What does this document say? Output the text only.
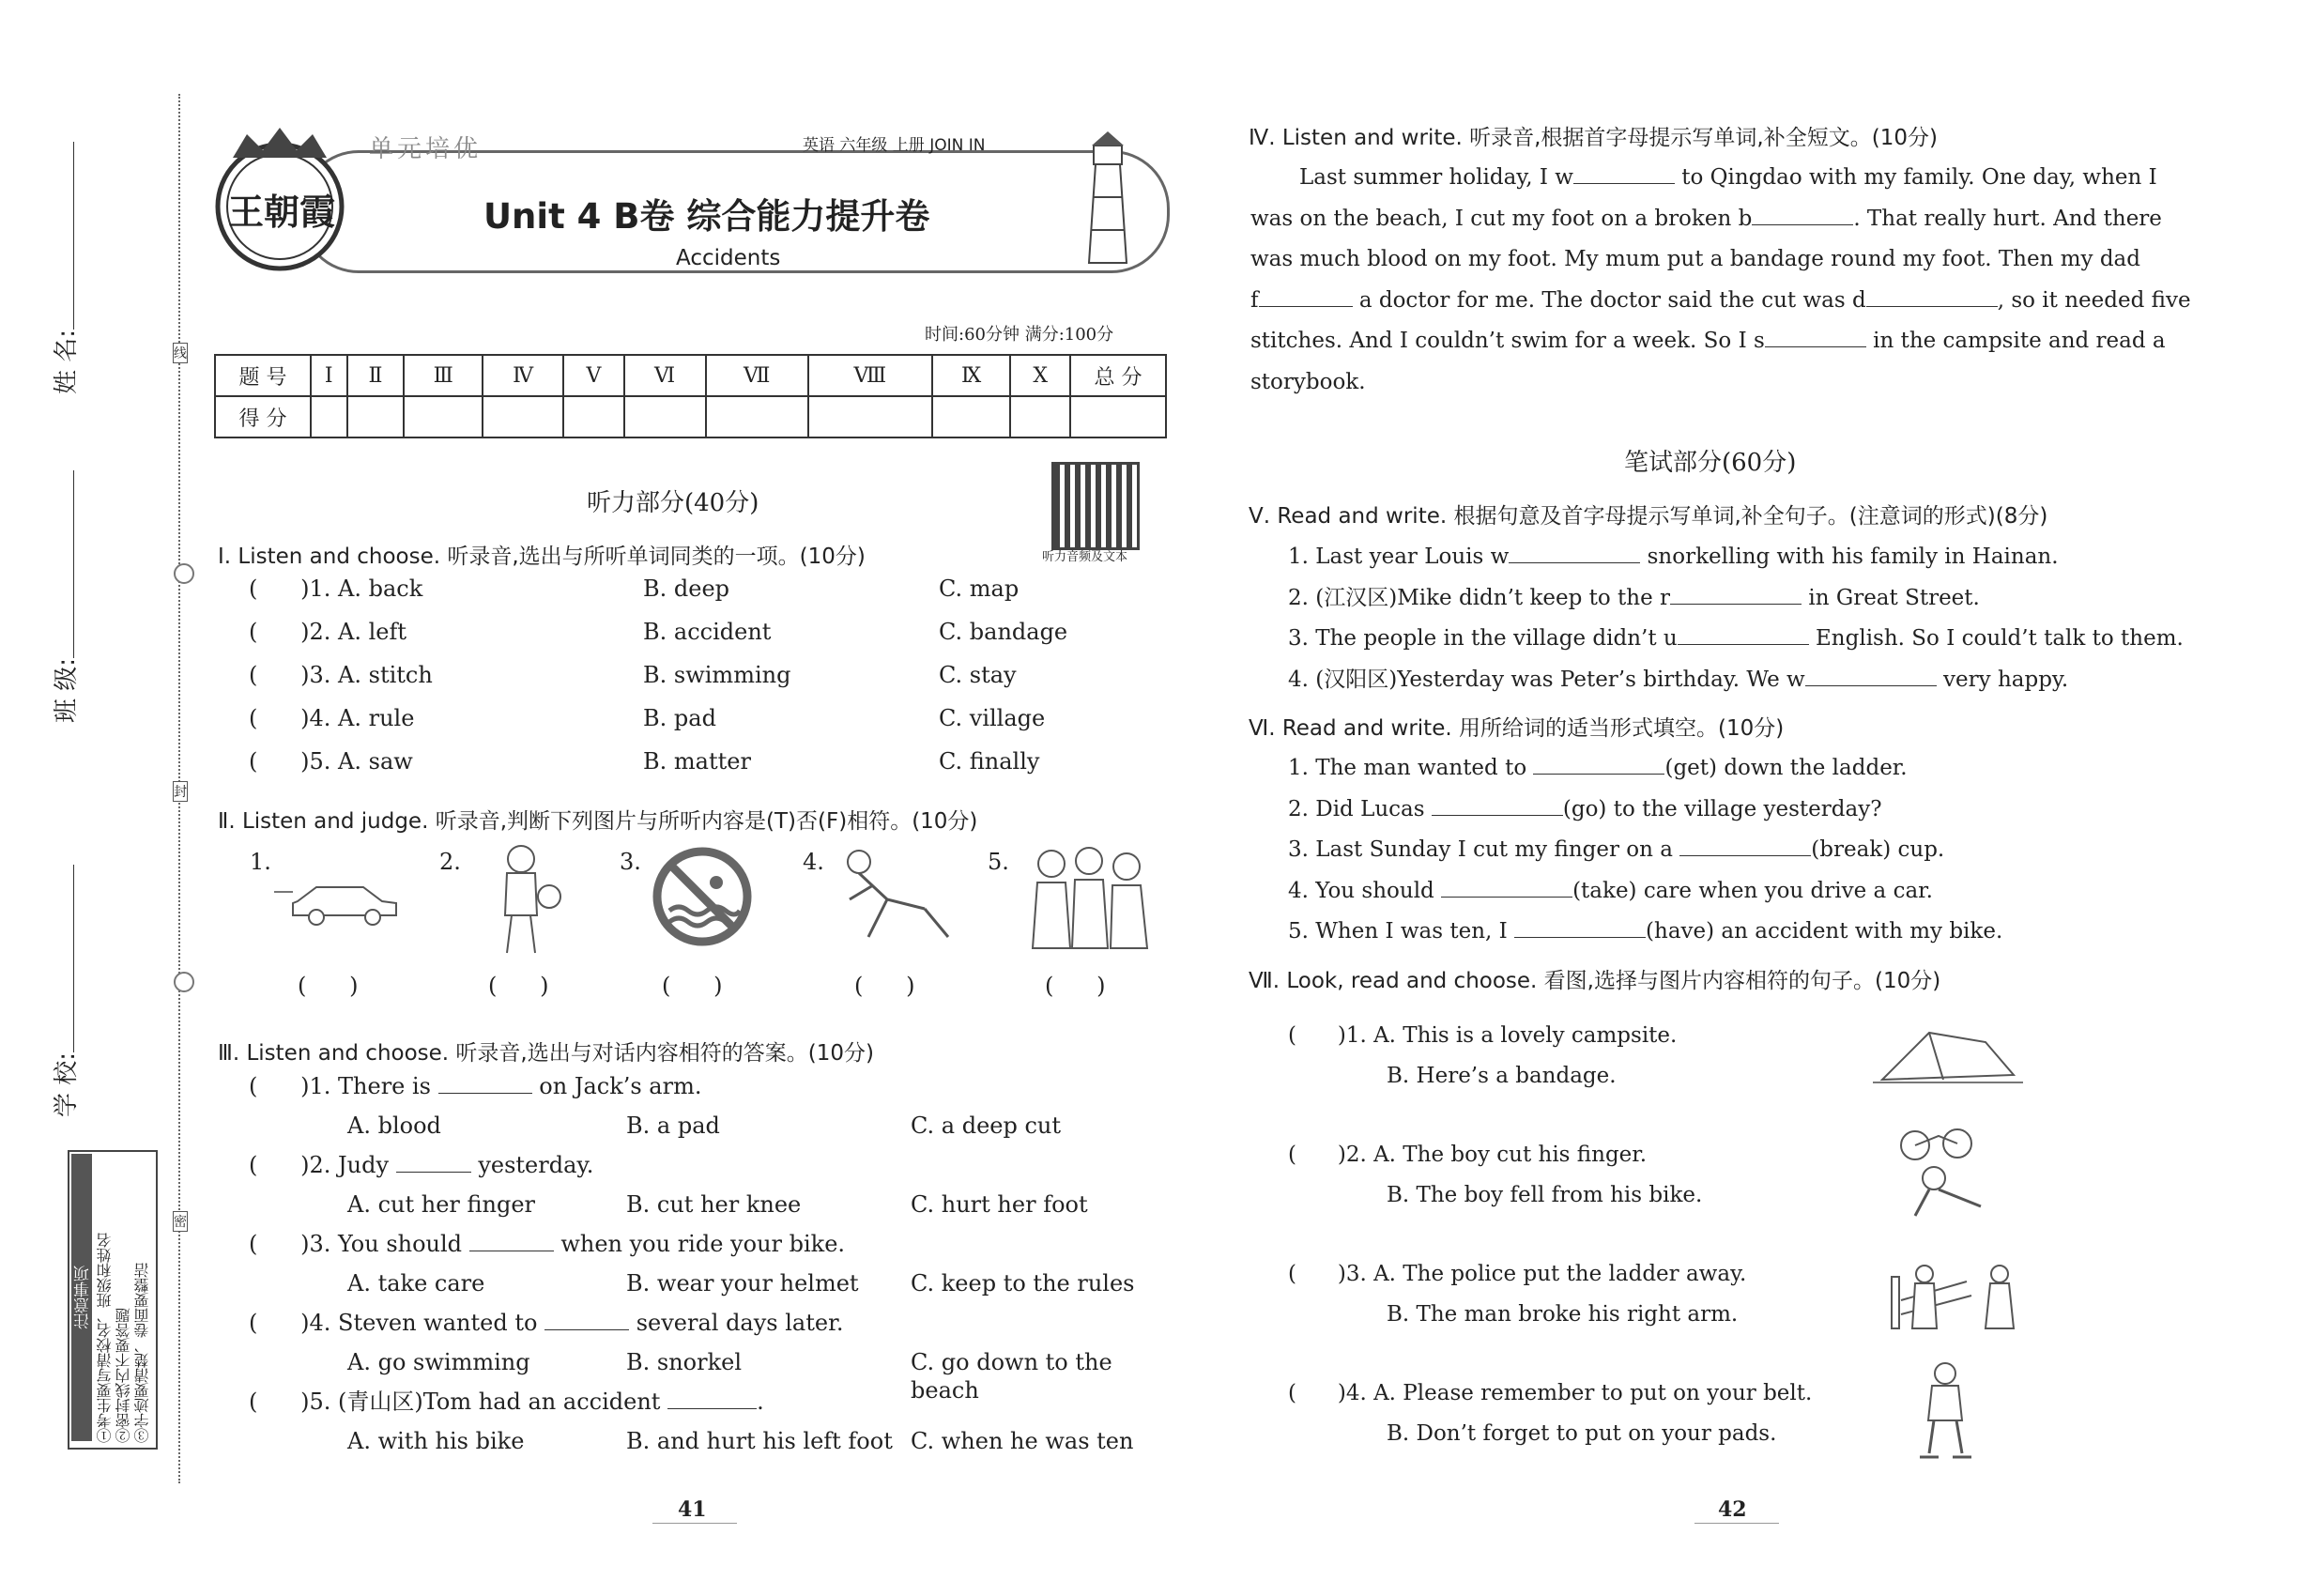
线
封
密
姓 名:
班 级:
学 校:
注意事项 ①考生要写清校名、班级和姓名 ②密封线内不要答题 ③字迹要清楚、卷面要整洁
王朝霞
单元培优	英语 六年级 上册 JOIN IN
Unit 4 B卷 综合能力提升卷
Accidents
时间:60分钟 满分:100分
题 号	Ⅰ	Ⅱ	Ⅲ	Ⅳ	Ⅴ	Ⅵ	Ⅶ	Ⅷ	Ⅸ	Ⅹ	总 分
得 分											
听力部分(40分)
听力音频及文本
Ⅰ. Listen and choose. 听录音,选出与所听单词同类的一项。(10分)
(      )1. A. back	B. deep	C. map
(      )2. A. left	B. accident	C. bandage
(      )3. A. stitch	B. swimming	C. stay
(      )4. A. rule	B. pad	C. village
(      )5. A. saw	B. matter	C. finally
Ⅱ. Listen and judge. 听录音,判断下列图片与所听内容是(T)否(F)相符。(10分)
1.	2.	3.	4.	5.
(      )	(      )	(      )	(      )	(      )
Ⅲ. Listen and choose. 听录音,选出与对话内容相符的答案。(10分)
(      )1. There is	on Jack’s arm.
A. blood	B. a pad	C. a deep cut
(      )2. Judy	yesterday.
A. cut her finger	B. cut her knee	C. hurt her foot
(      )3. You should	when you ride your bike.
A. take care	B. wear your helmet C. keep to the rules
(      )4. Steven wanted to	several days later.
A. go swimming	B. snorkel	C. go down to the beach
(      )5. (青山区)Tom had an accident	.
A. with his bike	B. and hurt his left foot C. when he was ten
41
Ⅳ. Listen and write. 听录音,根据首字母提示写单词,补全短文。(10分)
Last summer holiday, I w	to Qingdao with my family. One day, when I
was on the beach, I cut my foot on a broken b	. That really hurt. And there
was much blood on my foot. My mum put a bandage round my foot. Then my dad
f	a doctor for me. The doctor said the cut was d	, so it needed five
stitches. And I couldn’t swim for a week. So I s	in the campsite and read a
storybook.
笔试部分(60分)
Ⅴ. Read and write. 根据句意及首字母提示写单词,补全句子。(注意词的形式)(8分)
1. Last year Louis w	snorkelling with his family in Hainan.
2. (江汉区)Mike didn’t keep to the r	in Great Street.
3. The people in the village didn’t u	English. So I could’t talk to them.
4. (汉阳区)Yesterday was Peter’s birthday. We w	very happy.
Ⅵ. Read and write. 用所给词的适当形式填空。(10分)
1. The man wanted to	(get) down the ladder.
2. Did Lucas	(go) to the village yesterday?
3. Last Sunday I cut my finger on a	(break) cup.
4. You should	(take) care when you drive a car.
5. When I was ten, I	(have) an accident with my bike.
Ⅶ. Look, read and choose. 看图,选择与图片内容相符的句子。(10分)
(      )1. A. This is a lovely campsite.
B. Here’s a bandage.
(      )2. A. The boy cut his finger.
B. The boy fell from his bike.
(      )3. A. The police put the ladder away.
B. The man broke his right arm.
(      )4. A. Please remember to put on your belt.
B. Don’t forget to put on your pads.
42
